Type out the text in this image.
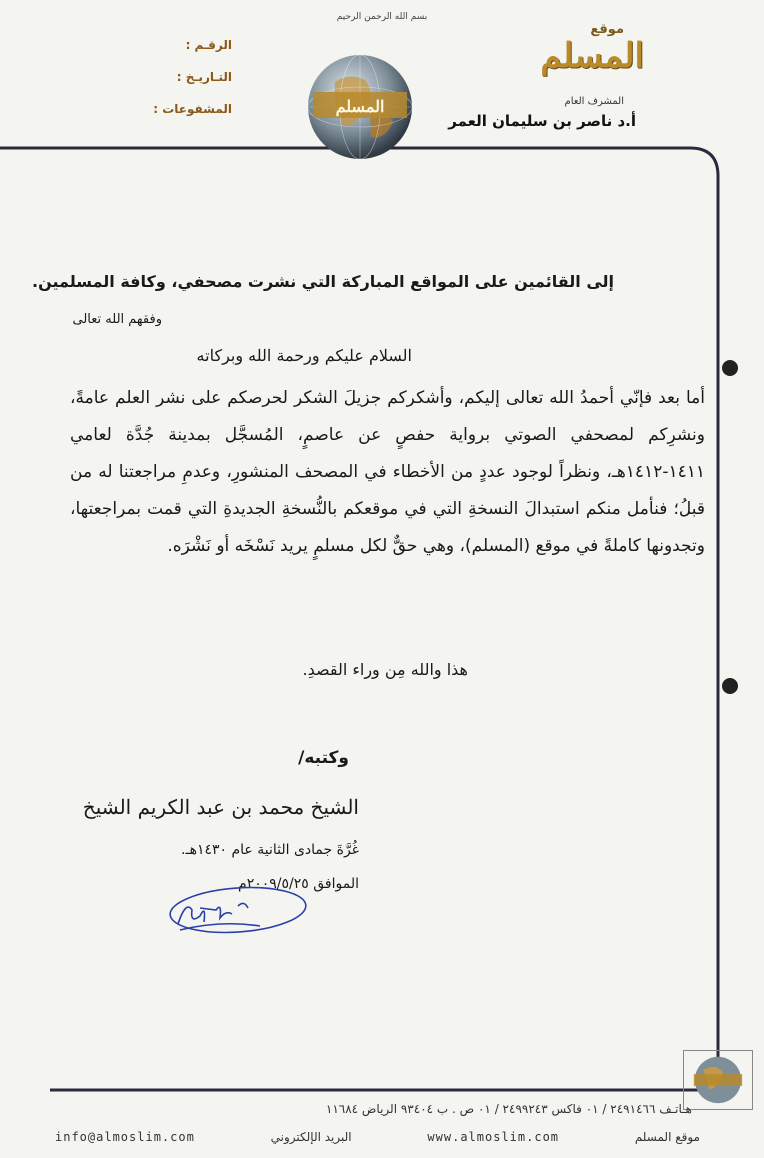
بسم الله الرحمن الرحيم
موقع
المسلم
المشرف العام
أ.د ناصر بن سليمان العمر
الرقـم :
التـاريـخ :
المشفوعات :	المسلم
إلى القائمين على المواقع المباركة التي نشرت مصحفي، وكافة المسلمين.
وفقهم الله تعالى
السلام عليكم ورحمة الله وبركاته
أما بعد فإنّي أحمدُ الله تعالى إليكم، وأشكركم جزيلَ الشكر لحرصكم على نشر العلم عامةً، ونشرِكم لمصحفي الصوتي برواية حفصٍ عن عاصمٍ، المُسجَّل بمدينة جُدَّة لعامي ١٤١١-١٤١٢هـ، ونظراً لوجود عددٍ من الأخطاء في المصحف المنشورِ، وعدمِ مراجعتنا له من قبلُ؛ فنأمل منكم استبدالَ النسخةِ التي في موقعكم بالنُّسخةِ الجديدةِ التي قمت بمراجعتها، وتجدونها كاملةً في موقع (المسلم)، وهي حقٌّ لكل مسلمٍ يريد نَسْخَه أو نَشْرَه.
هذا والله مِن وراء القصدِ.
وكتبه/
الشيخ محمد بن عبد الكريم الشيخ
غُرَّةَ جمادى الثانية عام ١٤٣٠هـ.
الموافق ٢٠٠٩/٥/٢٥م
هـاتـف ٢٤٩١٤٦٦ / ٠١ فاكس ٢٤٩٩٢٤٣ / ٠١ ص . ب ٩٣٤٠٤ الرياض ١١٦٨٤
info@almoslim.com	البريد الإلكتروني	www.almoslim.com	موقع المسلم
